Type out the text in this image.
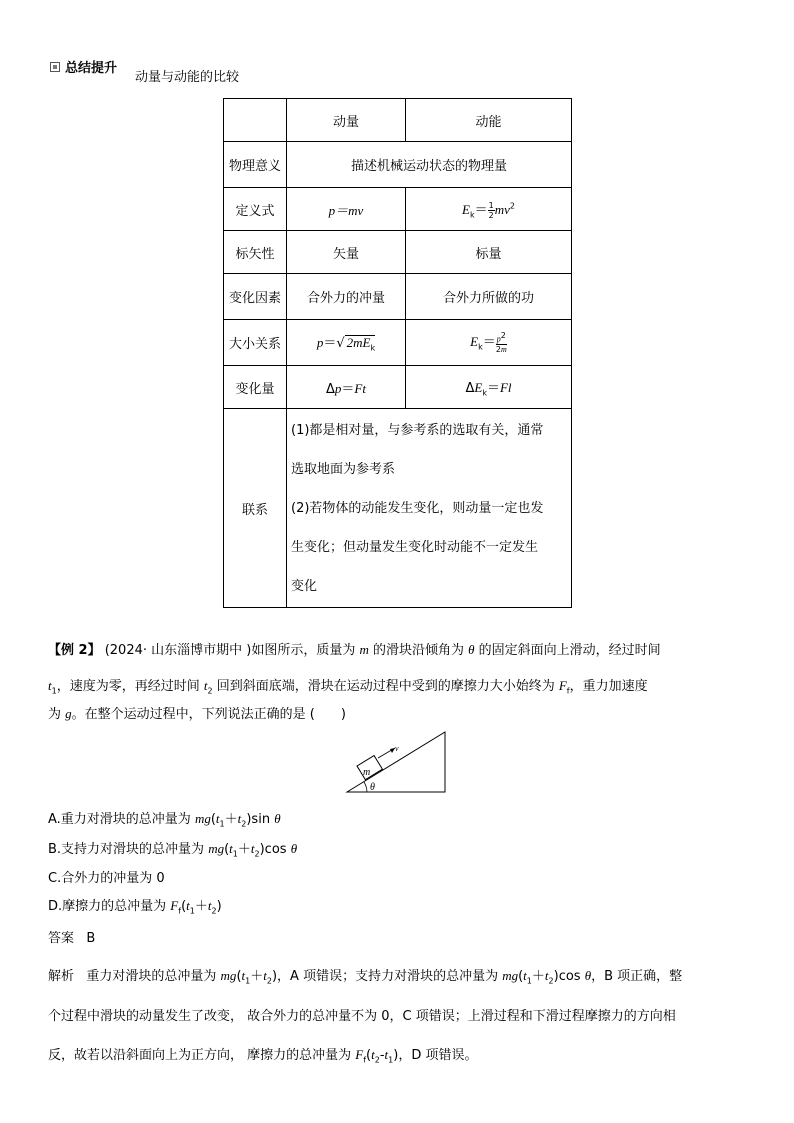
总结提升
动量与动能的比较
	动量	动能
物理意义	描述机械运动状态的物理量	
定义式	p＝mv	$E_k= \frac{1}{2} mv^2$
标矢性	矢量	标量
变化因素	合外力的冲量	合外力所做的功
大小关系	p＝√ $2mE_k$	$E_k= \frac{p^2}{2m}$

变化量	Δp＝Ft	$\Delta E_k=Fl$
联系	(1)都是相对量，与参考系的选取有关，通常
选取地面为参考系
(2)若物体的动能发生变化，则动量一定也发
生变化；但动量发生变化时动能不一定发生
变化	
【例 2】 (2024· 山东淄博市期中 )如图所示，质量为 m 的滑块沿倾角为 θ 的固定斜面向上滑动，经过时间
$t_1$，速度为零，再经过时间 $t_2$ 回到斜面底端，滑块在运动过程中受到的摩擦力大小始终为 $F_f$，重力加速度
为 g。在整个运动过程中，下列说法正确的是 (　　)
θ
m
v
A.重力对滑块的总冲量为 $mg(t_1+t_2)\sin$ θ
B.支持力对滑块的总冲量为 $mg(t_1+t_2)\cos$ θ
C.合外力的冲量为 0
D.摩擦力的总冲量为 $F_f(t_1+t_2)$
答案 B
解析   重力对滑块的总冲量为 $mg(t_1+t_2)$，A 项错误；支持力对滑块的总冲量为 $mg(t_1+t_2)\cos$ θ，B 项正确，整
个过程中滑块的动量发生了改变， 故合外力的总冲量不为 0，C 项错误；上滑过程和下滑过程摩擦力的方向相
反，故若以沿斜面向上为正方向， 摩擦力的总冲量为 $F_f(t_2-t_1)$，D 项错误。
